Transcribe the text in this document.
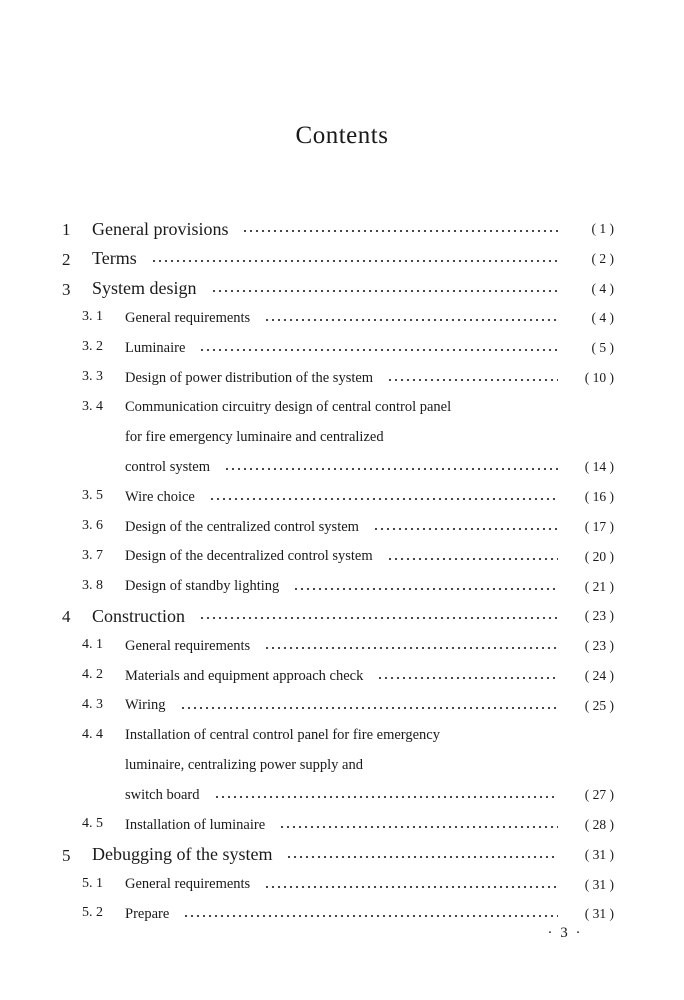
Contents
1 General provisions	( 1 )
2 Terms	( 2 )
3 System design	( 4 )
3. 1 General requirements	( 4 )
3. 2 Luminaire	( 5 )
3. 3 Design of power distribution of the system	( 10 )
3. 4 Communication circuitry design of central control panel
for fire emergency luminaire and centralized
control system	( 14 )
3. 5 Wire choice	( 16 )
3. 6 Design of the centralized control system	( 17 )
3. 7 Design of the decentralized control system	( 20 )
3. 8 Design of standby lighting	( 21 )
4 Construction	( 23 )
4. 1 General requirements	( 23 )
4. 2 Materials and equipment approach check	( 24 )
4. 3 Wiring	( 25 )
4. 4 Installation of central control panel for fire emergency
luminaire, centralizing power supply and
switch board	( 27 )
4. 5 Installation of luminaire	( 28 )
5 Debugging of the system	( 31 )
5. 1 General requirements	( 31 )
5. 2 Prepare	( 31 )
· 3 ·
